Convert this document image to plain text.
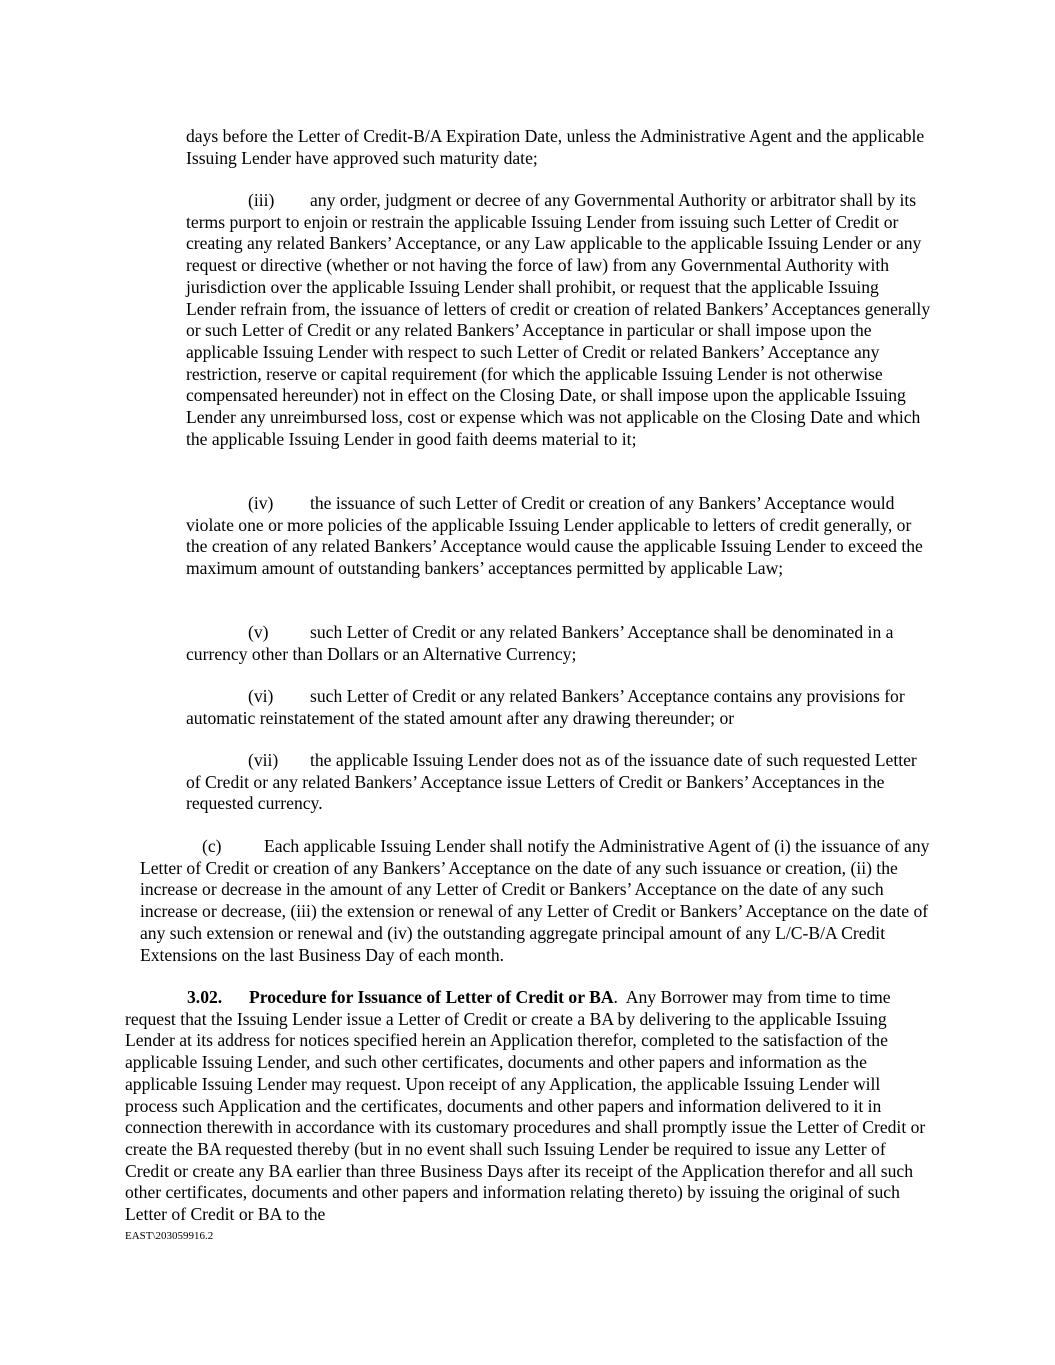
days before the Letter of Credit-B/A Expiration Date, unless the Administrative Agent and the applicable Issuing Lender have approved such maturity date;

(iii) any order, judgment or decree of any Governmental Authority or arbitrator shall by its terms purport to enjoin or restrain the applicable Issuing Lender from issuing such Letter of Credit or creating any related Bankers’ Acceptance, or any Law applicable to the applicable Issuing Lender or any request or directive (whether or not having the force of law) from any Governmental Authority with jurisdiction over the applicable Issuing Lender shall prohibit, or request that the applicable Issuing Lender refrain from, the issuance of letters of credit or creation of related Bankers’ Acceptances generally or such Letter of Credit or any related Bankers’ Acceptance in particular or shall impose upon the applicable Issuing Lender with respect to such Letter of Credit or related Bankers’ Acceptance any restriction, reserve or capital requirement (for which the applicable Issuing Lender is not otherwise compensated hereunder) not in effect on the Closing Date, or shall impose upon the applicable Issuing Lender any unreimbursed loss, cost or expense which was not applicable on the Closing Date and which the applicable Issuing Lender in good faith deems material to it;

(iv) the issuance of such Letter of Credit or creation of any Bankers’ Acceptance would violate one or more policies of the applicable Issuing Lender applicable to letters of credit generally, or the creation of any related Bankers’ Acceptance would cause the applicable Issuing Lender to exceed the maximum amount of outstanding bankers’ acceptances permitted by applicable Law;

(v) such Letter of Credit or any related Bankers’ Acceptance shall be denominated in a currency other than Dollars or an Alternative Currency;

(vi) such Letter of Credit or any related Bankers’ Acceptance contains any provisions for automatic reinstatement of the stated amount after any drawing thereunder; or

(vii) the applicable Issuing Lender does not as of the issuance date of such requested Letter of Credit or any related Bankers’ Acceptance issue Letters of Credit or Bankers’ Acceptances in the requested currency.

(c) Each applicable Issuing Lender shall notify the Administrative Agent of (i) the issuance of any Letter of Credit or creation of any Bankers’ Acceptance on the date of any such issuance or creation, (ii) the increase or decrease in the amount of any Letter of Credit or Bankers’ Acceptance on the date of any such increase or decrease, (iii) the extension or renewal of any Letter of Credit or Bankers’ Acceptance on the date of any such extension or renewal and (iv) the outstanding aggregate principal amount of any L/C-B/A Credit Extensions on the last Business Day of each month.

3.02. Procedure for Issuance of Letter of Credit or BA. Any Borrower may from time to time request that the Issuing Lender issue a Letter of Credit or create a BA by delivering to the applicable Issuing Lender at its address for notices specified herein an Application therefor, completed to the satisfaction of the applicable Issuing Lender, and such other certificates, documents and other papers and information as the applicable Issuing Lender may request. Upon receipt of any Application, the applicable Issuing Lender will process such Application and the certificates, documents and other papers and information delivered to it in connection therewith in accordance with its customary procedures and shall promptly issue the Letter of Credit or create the BA requested thereby (but in no event shall such Issuing Lender be required to issue any Letter of Credit or create any BA earlier than three Business Days after its receipt of the Application therefor and all such other certificates, documents and other papers and information relating thereto) by issuing the original of such Letter of Credit or BA to the

EAST\203059916.2
